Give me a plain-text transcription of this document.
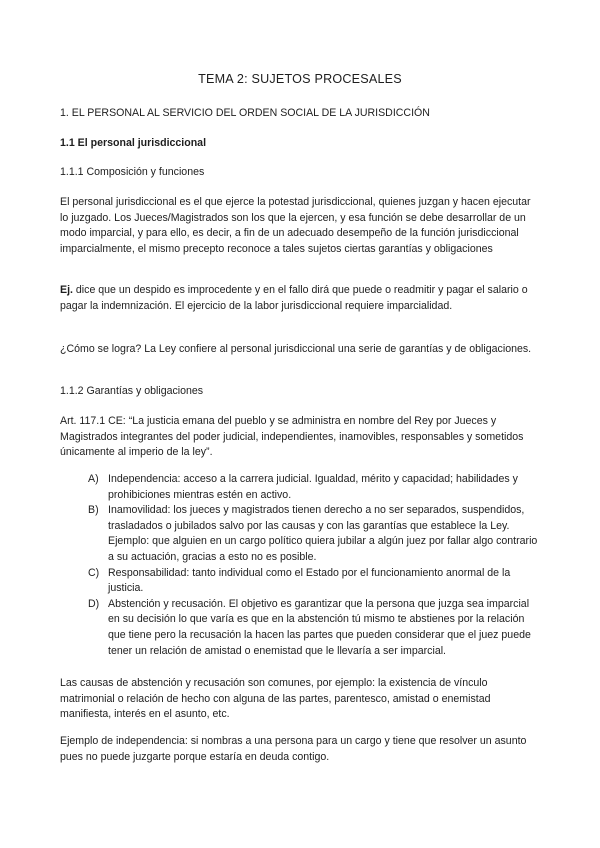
TEMA 2: SUJETOS PROCESALES
1. EL PERSONAL AL SERVICIO DEL ORDEN SOCIAL DE LA JURISDICCIÓN
1.1 El personal jurisdiccional
1.1.1 Composición y funciones
El personal jurisdiccional es el que ejerce la potestad jurisdiccional, quienes juzgan y hacen ejecutar lo juzgado. Los Jueces/Magistrados son los que la ejercen, y esa función se debe desarrollar de un modo imparcial, y para ello, es decir, a fin de un adecuado desempeño de la función jurisdiccional imparcialmente, el mismo precepto reconoce a tales sujetos ciertas garantías y obligaciones
Ej. dice que un despido es improcedente y en el fallo dirá que puede o readmitir y pagar el salario o pagar la indemnización. El ejercicio de la labor jurisdiccional requiere imparcialidad.
¿Cómo se logra? La Ley confiere al personal jurisdiccional una serie de garantías y de obligaciones.
1.1.2 Garantías y obligaciones
Art. 117.1 CE: “La justicia emana del pueblo y se administra en nombre del Rey por Jueces y Magistrados integrantes del poder judicial, independientes, inamovibles, responsables y sometidos únicamente al imperio de la ley”.
A) Independencia: acceso a la carrera judicial. Igualdad, mérito y capacidad; habilidades y prohibiciones mientras estén en activo.
B) Inamovilidad: los jueces y magistrados tienen derecho a no ser separados, suspendidos, trasladados o jubilados salvo por las causas y con las garantías que establece la Ley. Ejemplo: que alguien en un cargo político quiera jubilar a algún juez por fallar algo contrario a su actuación, gracias a esto no es posible.
C) Responsabilidad: tanto individual como el Estado por el funcionamiento anormal de la justicia.
D) Abstención y recusación. El objetivo es garantizar que la persona que juzga sea imparcial en su decisión lo que varía es que en la abstención tú mismo te abstienes por la relación que tiene pero la recusación la hacen las partes que pueden considerar que el juez puede tener un relación de amistad o enemistad que le llevaría a ser imparcial.
Las causas de abstención y recusación son comunes, por ejemplo: la existencia de vínculo matrimonial o relación de hecho con alguna de las partes, parentesco, amistad o enemistad manifiesta, interés en el asunto, etc.
Ejemplo de independencia: si nombras a una persona para un cargo y tiene que resolver un asunto pues no puede juzgarte porque estaría en deuda contigo.
